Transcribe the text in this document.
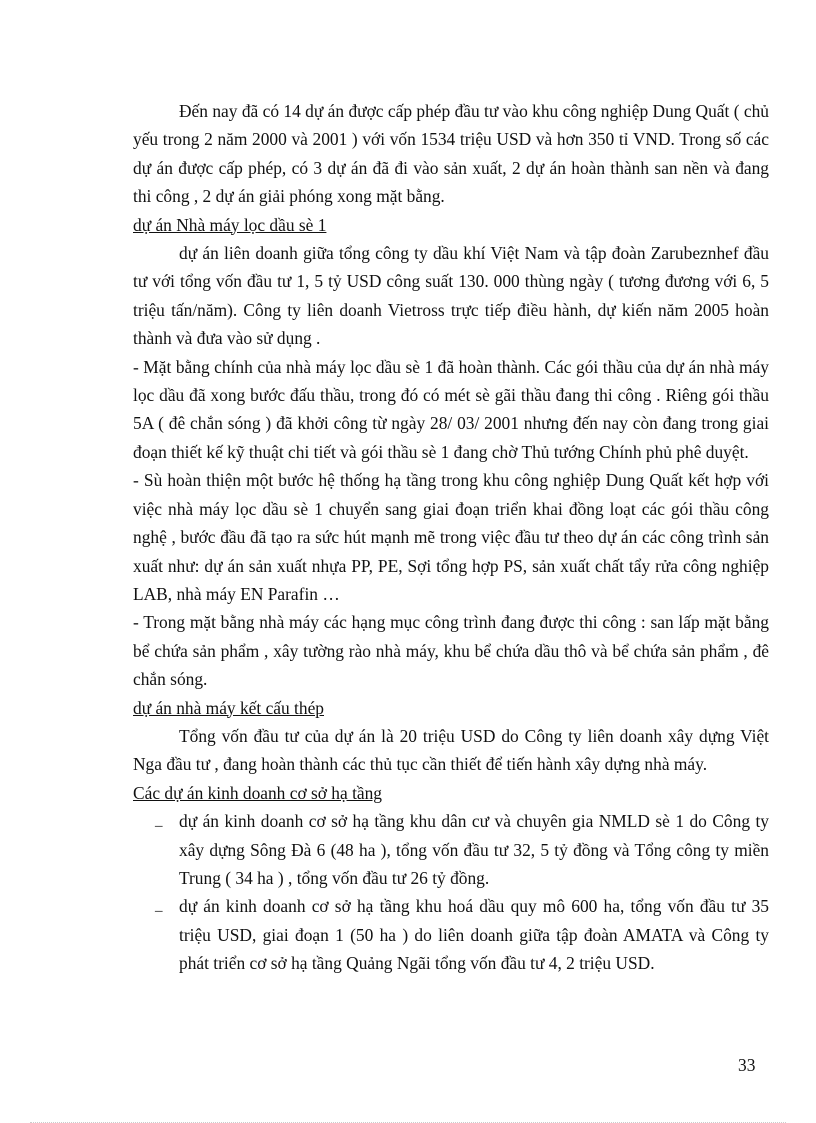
Đến nay đã có 14 dự án được cấp phép đầu tư vào khu công nghiệp Dung Quất ( chủ yếu trong 2 năm 2000 và 2001 ) với vốn 1534 triệu USD và hơn 350 tỉ VND. Trong số các dự án được cấp phép, có 3 dự án đã đi vào sản xuất, 2 dự án hoàn thành san nền và đang thi công , 2 dự án giải phóng xong mặt bằng.

dự án Nhà máy lọc dầu sè 1

dự án liên doanh giữa tổng công ty dầu khí Việt Nam và tập đoàn Zarubeznhef đầu tư với tổng vốn đầu tư 1, 5 tỷ USD công suất 130. 000 thùng ngày ( tương đương với 6, 5 triệu tấn/năm). Công ty liên doanh Vietross trực tiếp điều hành, dự kiến năm 2005 hoàn thành và đưa vào sử dụng .

- Mặt bằng chính của nhà máy lọc dầu sè 1 đã hoàn thành. Các gói thầu của dự án nhà máy lọc dầu đã xong bước đấu thầu, trong đó có mét sè gãi thầu đang thi công . Riêng gói thầu 5A ( đê chắn sóng ) đã khởi công từ ngày 28/ 03/ 2001 nhưng đến nay còn đang trong giai đoạn thiết kế kỹ thuật chi tiết và gói thầu sè 1 đang chờ Thủ tướng Chính phủ phê duyệt.

- Sù hoàn thiện một bước hệ thống hạ tầng trong khu công nghiệp Dung Quất kết hợp với việc nhà máy lọc dầu sè 1 chuyển sang giai đoạn triển khai đồng loạt các gói thầu công nghệ , bước đầu đã tạo ra sức hút mạnh mẽ trong việc đầu tư theo dự án các công trình sản xuất như: dự án sản xuất nhựa PP, PE, Sợi tổng hợp PS, sản xuất chất tẩy rửa công nghiệp LAB, nhà máy EN Parafin …

- Trong mặt bằng nhà máy các hạng mục công trình đang được thi công : san lấp mặt bằng bể chứa sản phẩm , xây tường rào nhà máy, khu bể chứa dầu thô và bể chứa sản phẩm , đê chắn sóng.

dự án nhà máy kết cấu thép

Tổng vốn đầu tư của dự án là 20 triệu USD do Công ty liên doanh xây dựng Việt Nga đầu tư , đang hoàn thành các thủ tục cần thiết để tiến hành xây dựng nhà máy.

Các dự án kinh doanh cơ sở hạ tầng

_ dự án kinh doanh cơ sở hạ tầng khu dân cư và chuyên gia NMLD sè 1 do Công ty xây dựng Sông Đà 6 (48 ha ), tổng vốn đầu tư 32, 5 tỷ đồng và Tổng công ty miền Trung ( 34 ha ) , tổng vốn đầu tư 26 tỷ đồng.
_ dự án kinh doanh cơ sở hạ tầng khu hoá dầu quy mô 600 ha, tổng vốn đầu tư 35 triệu USD, giai đoạn 1 (50 ha ) do liên doanh giữa tập đoàn AMATA và Công ty phát triển cơ sở hạ tầng Quảng Ngãi tổng vốn đầu tư 4, 2 triệu USD.
33
